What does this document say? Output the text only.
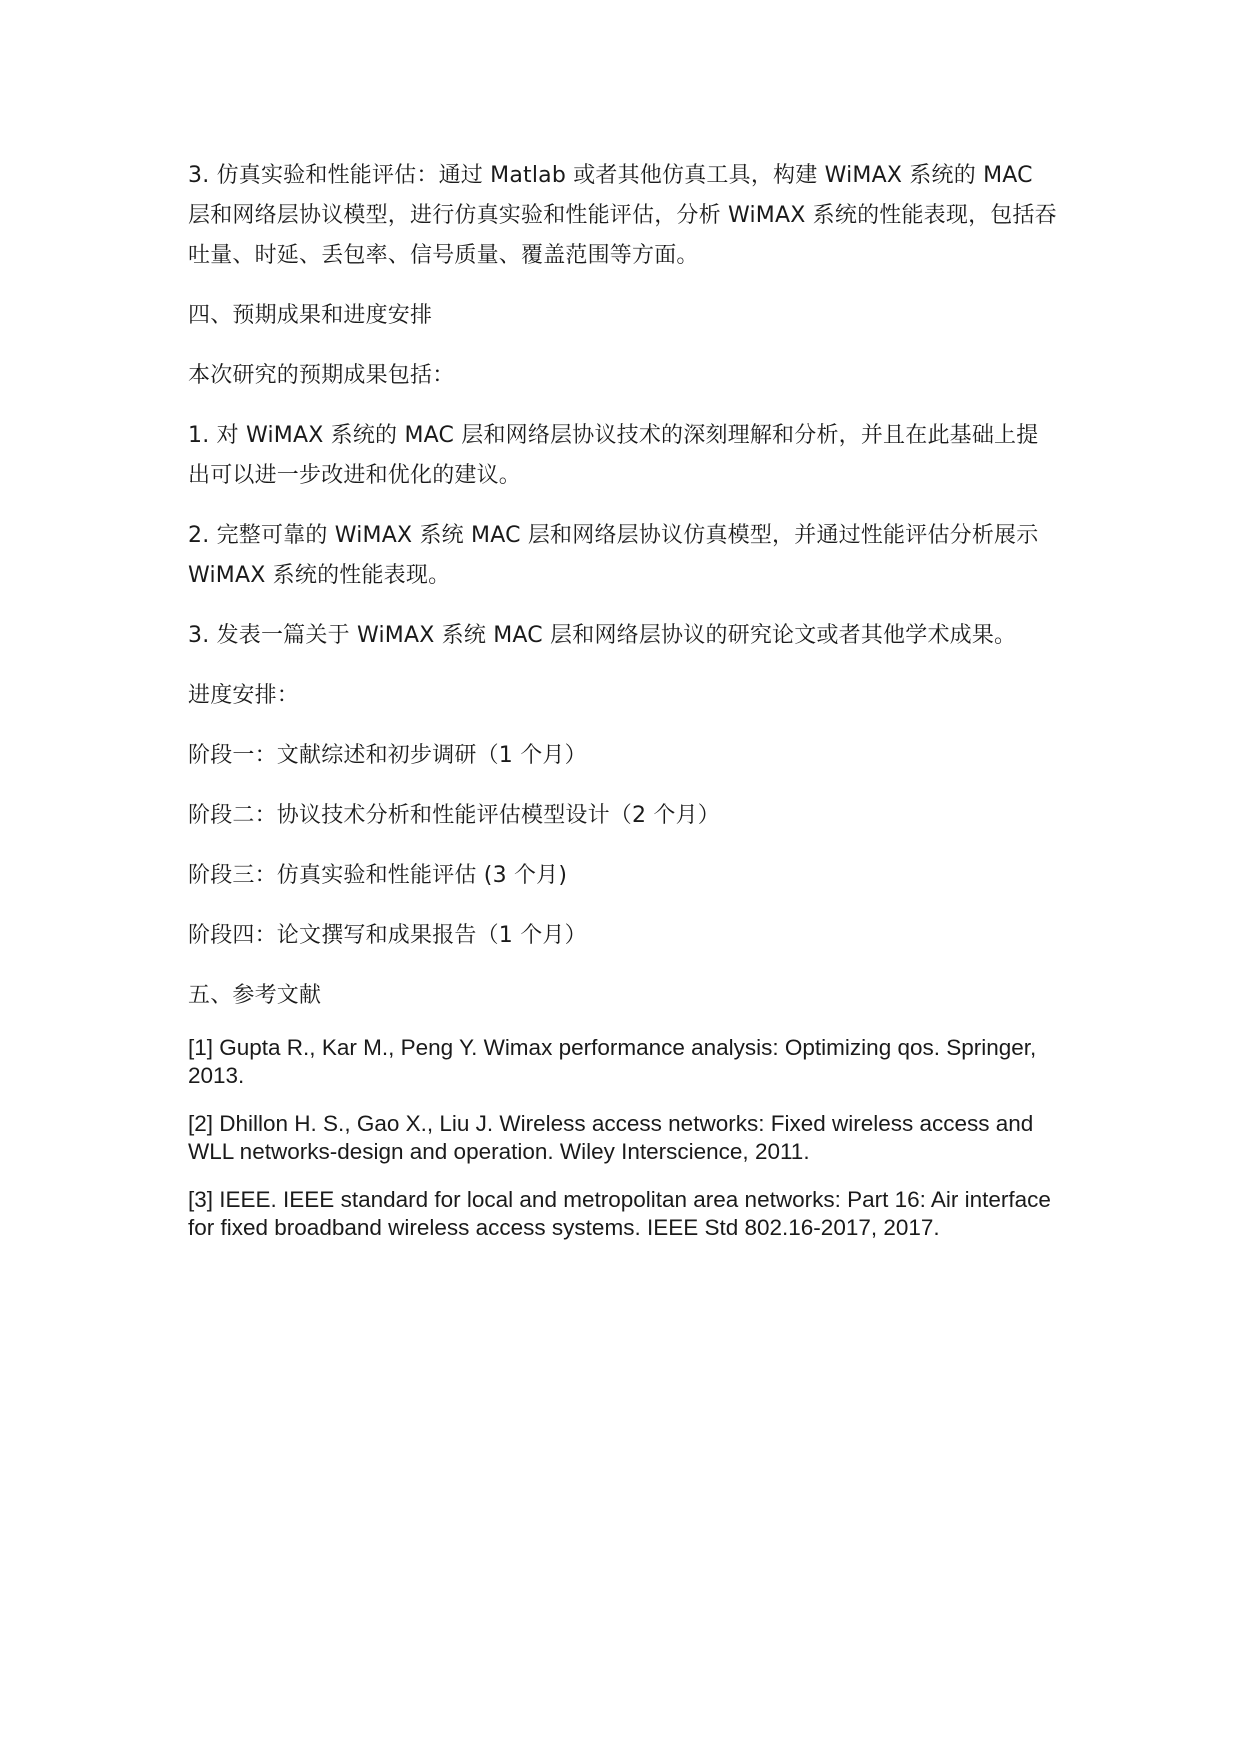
3. 仿真实验和性能评估：通过 Matlab 或者其他仿真工具，构建 WiMAX 系统的 MAC 层和网络层协议模型，进行仿真实验和性能评估，分析 WiMAX 系统的性能表现，包括吞吐量、时延、丢包率、信号质量、覆盖范围等方面。

四、预期成果和进度安排

本次研究的预期成果包括：

1. 对 WiMAX 系统的 MAC 层和网络层协议技术的深刻理解和分析，并且在此基础上提出可以进一步改进和优化的建议。

2. 完整可靠的 WiMAX 系统 MAC 层和网络层协议仿真模型，并通过性能评估分析展示 WiMAX 系统的性能表现。

3. 发表一篇关于 WiMAX 系统 MAC 层和网络层协议的研究论文或者其他学术成果。

进度安排：

阶段一：文献综述和初步调研（1 个月）

阶段二：协议技术分析和性能评估模型设计（2 个月）

阶段三：仿真实验和性能评估 (3 个月)

阶段四：论文撰写和成果报告（1 个月）

五、参考文献

[1] Gupta R., Kar M., Peng Y. Wimax performance analysis: Optimizing qos. Springer, 2013.

[2] Dhillon H. S., Gao X., Liu J. Wireless access networks: Fixed wireless access and WLL networks-design and operation. Wiley Interscience, 2011.

[3] IEEE. IEEE standard for local and metropolitan area networks: Part 16: Air interface for fixed broadband wireless access systems. IEEE Std 802.16-2017, 2017.
